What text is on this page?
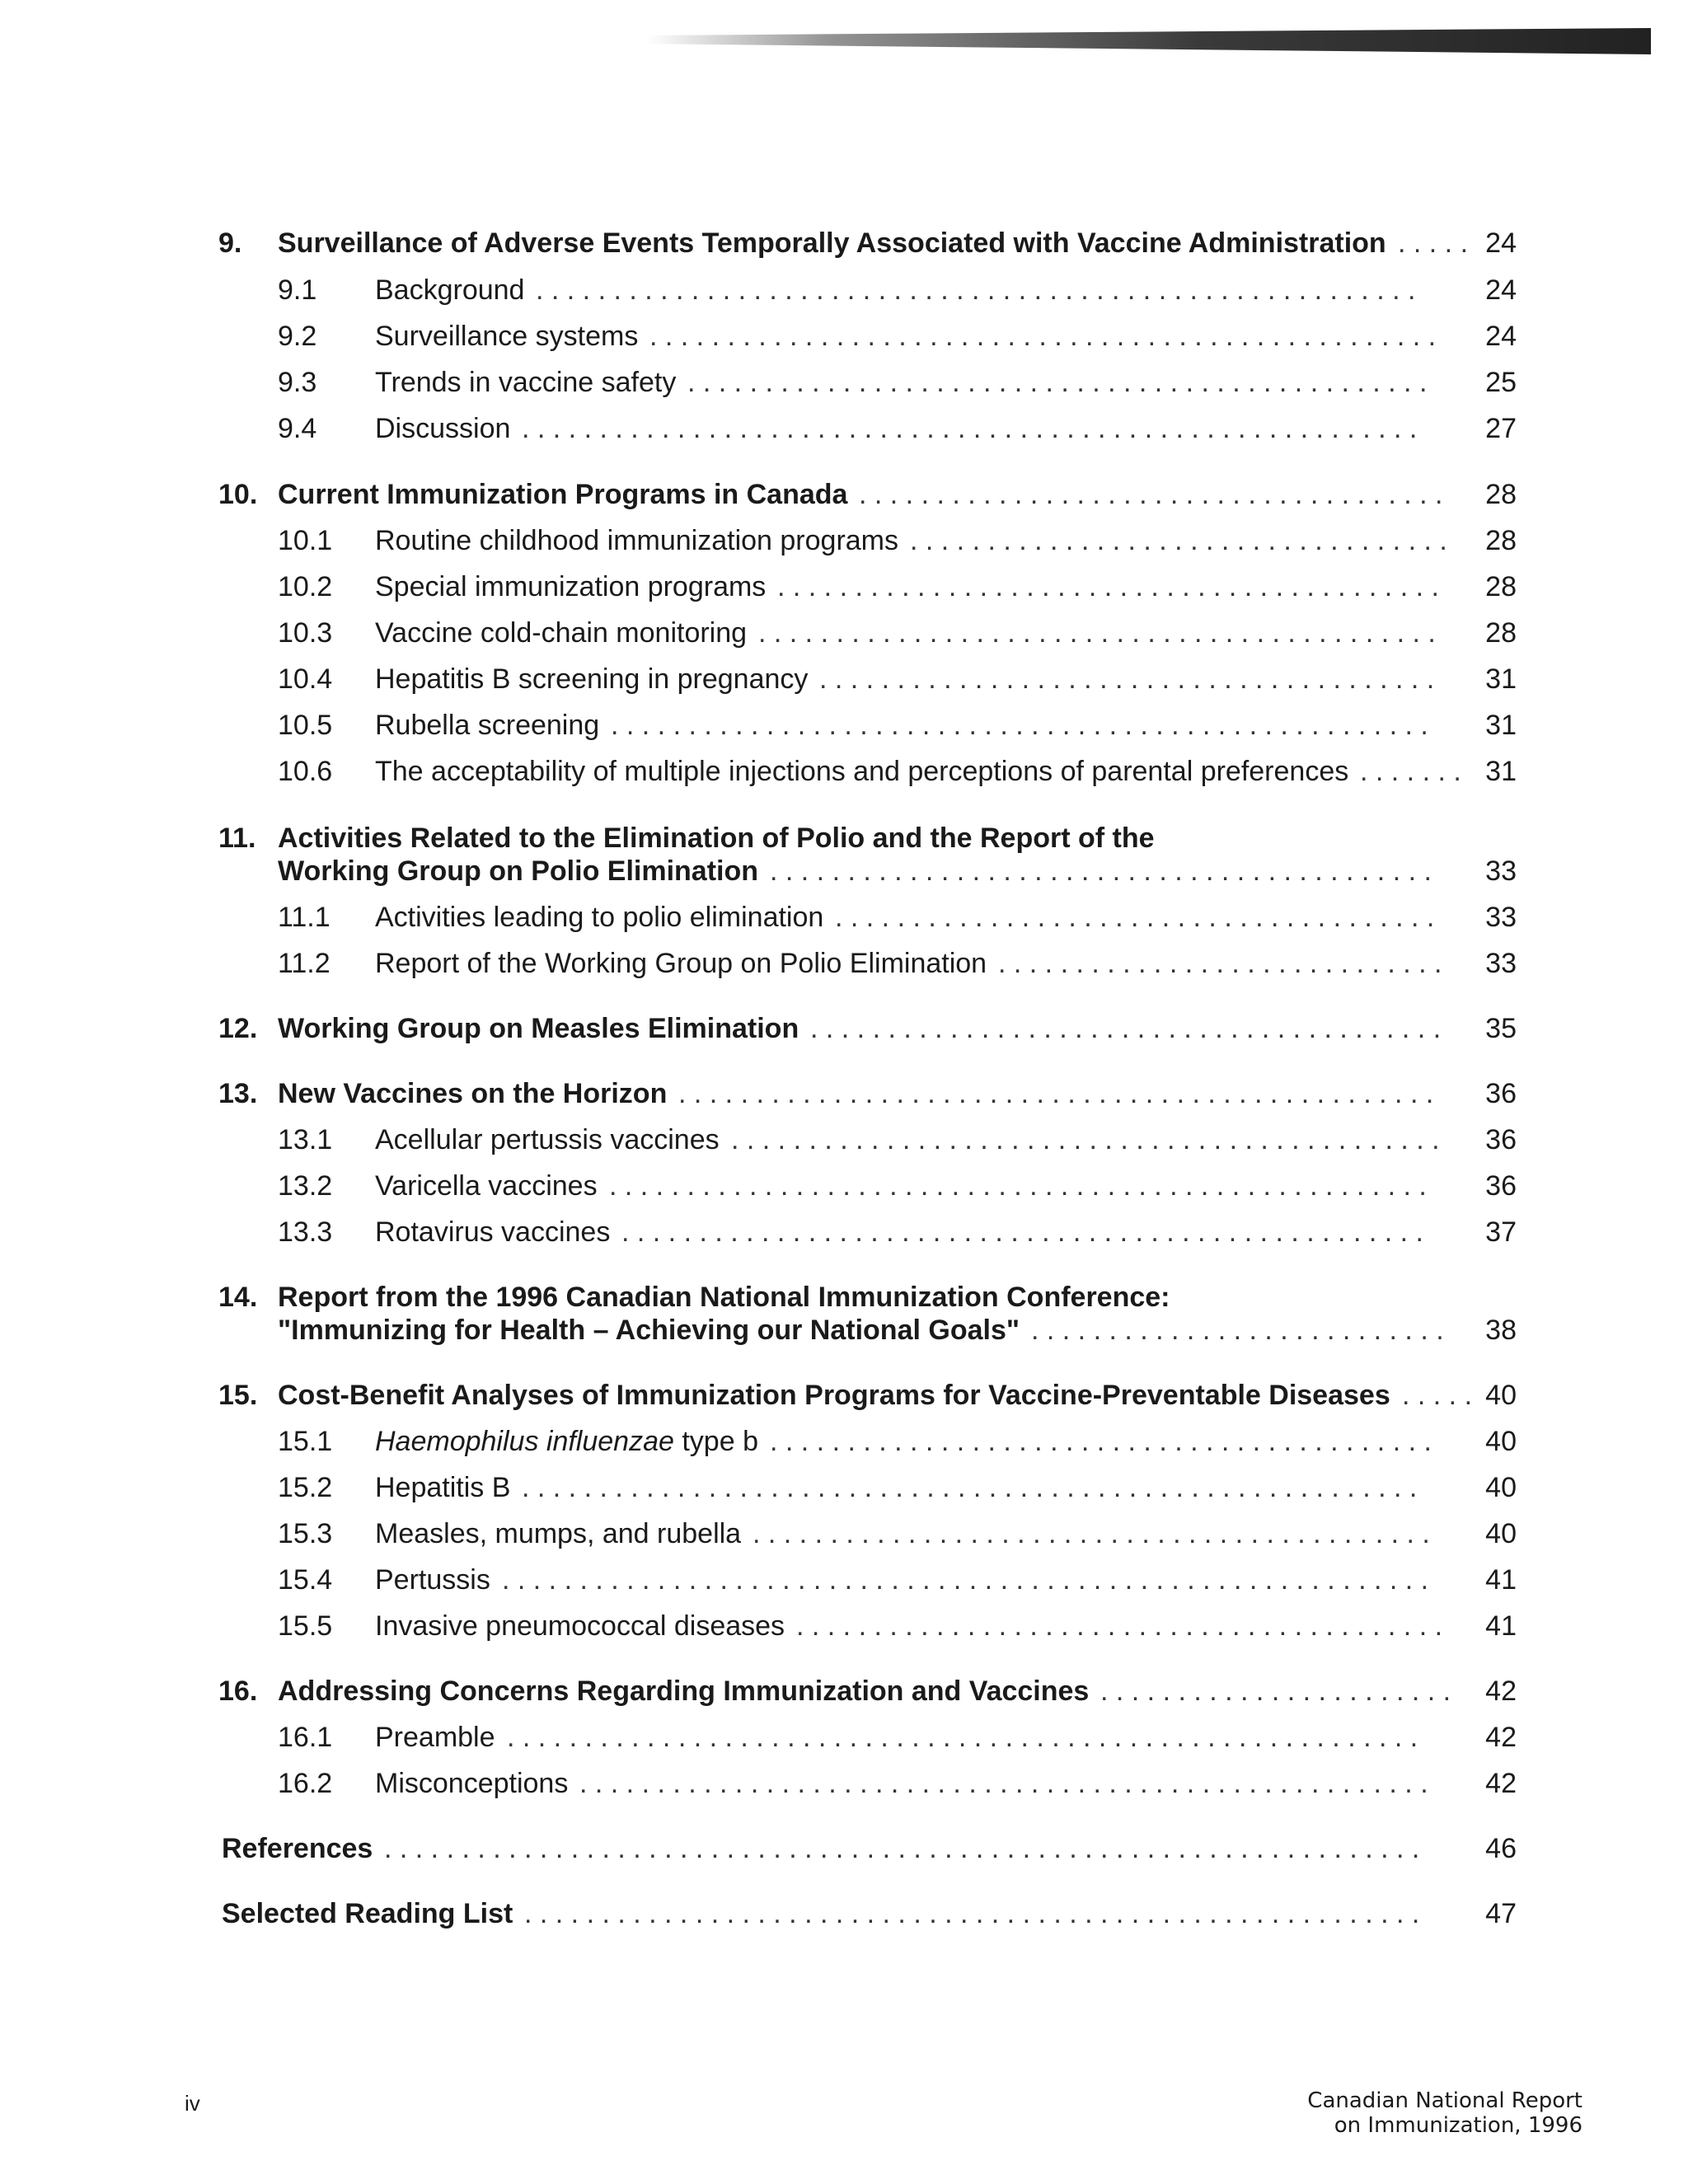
9. Surveillance of Adverse Events Temporally Associated with Vaccine Administration	24
. . . . .
9.1 Background	24
. . . . . . . . . . . . . . . . . . . . . . . . . . . . . . . . . . . . . . . . . . . . . . . . . . . . . . . . .
9.2 Surveillance systems	24
. . . . . . . . . . . . . . . . . . . . . . . . . . . . . . . . . . . . . . . . . . . . . . . . . . .
9.3 Trends in vaccine safety	25
. . . . . . . . . . . . . . . . . . . . . . . . . . . . . . . . . . . . . . . . . . . . . . . .
9.4 Discussion	27
. . . . . . . . . . . . . . . . . . . . . . . . . . . . . . . . . . . . . . . . . . . . . . . . . . . . . . . . . .
10. Current Immunization Programs in Canada	28
. . . . . . . . . . . . . . . . . . . . . . . . . . . . . . . . . . . . . .
10.1 Routine childhood immunization programs	28
. . . . . . . . . . . . . . . . . . . . . . . . . . . . . . . . . . .
10.2 Special immunization programs	28
. . . . . . . . . . . . . . . . . . . . . . . . . . . . . . . . . . . . . . . . . . .
10.3 Vaccine cold-chain monitoring	28
. . . . . . . . . . . . . . . . . . . . . . . . . . . . . . . . . . . . . . . . . . . .
10.4 Hepatitis B screening in pregnancy	31
. . . . . . . . . . . . . . . . . . . . . . . . . . . . . . . . . . . . . . . .
10.5 Rubella screening	31
. . . . . . . . . . . . . . . . . . . . . . . . . . . . . . . . . . . . . . . . . . . . . . . . . . . . .
10.6 The acceptability of multiple injections and perceptions of parental preferences	31
. . . . . . .
11. Activities Related to the Elimination of Polio and the Report of the
Working Group on Polio Elimination	33
. . . . . . . . . . . . . . . . . . . . . . . . . . . . . . . . . . . . . . . . . . .
11.1 Activities leading to polio elimination	33
. . . . . . . . . . . . . . . . . . . . . . . . . . . . . . . . . . . . . . .
11.2 Report of the Working Group on Polio Elimination	33
. . . . . . . . . . . . . . . . . . . . . . . . . . . . .
12. Working Group on Measles Elimination	35
. . . . . . . . . . . . . . . . . . . . . . . . . . . . . . . . . . . . . . . . .
13. New Vaccines on the Horizon	36
. . . . . . . . . . . . . . . . . . . . . . . . . . . . . . . . . . . . . . . . . . . . . . . . .
13.1 Acellular pertussis vaccines	36
. . . . . . . . . . . . . . . . . . . . . . . . . . . . . . . . . . . . . . . . . . . . . .
13.2 Varicella vaccines	36
. . . . . . . . . . . . . . . . . . . . . . . . . . . . . . . . . . . . . . . . . . . . . . . . . . . . .
13.3 Rotavirus vaccines	37
. . . . . . . . . . . . . . . . . . . . . . . . . . . . . . . . . . . . . . . . . . . . . . . . . . . .
14. Report from the 1996 Canadian National Immunization Conference:
"Immunizing for Health – Achieving our National Goals"	38
. . . . . . . . . . . . . . . . . . . . . . . . . . .
15. Cost-Benefit Analyses of Immunization Programs for Vaccine-Preventable Diseases	40
. . . . .
15.1 Haemophilus influenzae type b	40
. . . . . . . . . . . . . . . . . . . . . . . . . . . . . . . . . . . . . . . . . . .
15.2 Hepatitis B	40
. . . . . . . . . . . . . . . . . . . . . . . . . . . . . . . . . . . . . . . . . . . . . . . . . . . . . . . . . .
15.3 Measles, mumps, and rubella	40
. . . . . . . . . . . . . . . . . . . . . . . . . . . . . . . . . . . . . . . . . . . .
15.4 Pertussis	41
. . . . . . . . . . . . . . . . . . . . . . . . . . . . . . . . . . . . . . . . . . . . . . . . . . . . . . . . . . . .
15.5 Invasive pneumococcal diseases	41
. . . . . . . . . . . . . . . . . . . . . . . . . . . . . . . . . . . . . . . . . .
16. Addressing Concerns Regarding Immunization and Vaccines	42
. . . . . . . . . . . . . . . . . . . . . . .
16.1 Preamble	42
. . . . . . . . . . . . . . . . . . . . . . . . . . . . . . . . . . . . . . . . . . . . . . . . . . . . . . . . . . .
16.2 Misconceptions	42
. . . . . . . . . . . . . . . . . . . . . . . . . . . . . . . . . . . . . . . . . . . . . . . . . . . . . . .
References	46
. . . . . . . . . . . . . . . . . . . . . . . . . . . . . . . . . . . . . . . . . . . . . . . . . . . . . . . . . . . . . . . . . . .
Selected Reading List	47
. . . . . . . . . . . . . . . . . . . . . . . . . . . . . . . . . . . . . . . . . . . . . . . . . . . . . . . . . .
iv	Canadian National Report
on Immunization, 1996
